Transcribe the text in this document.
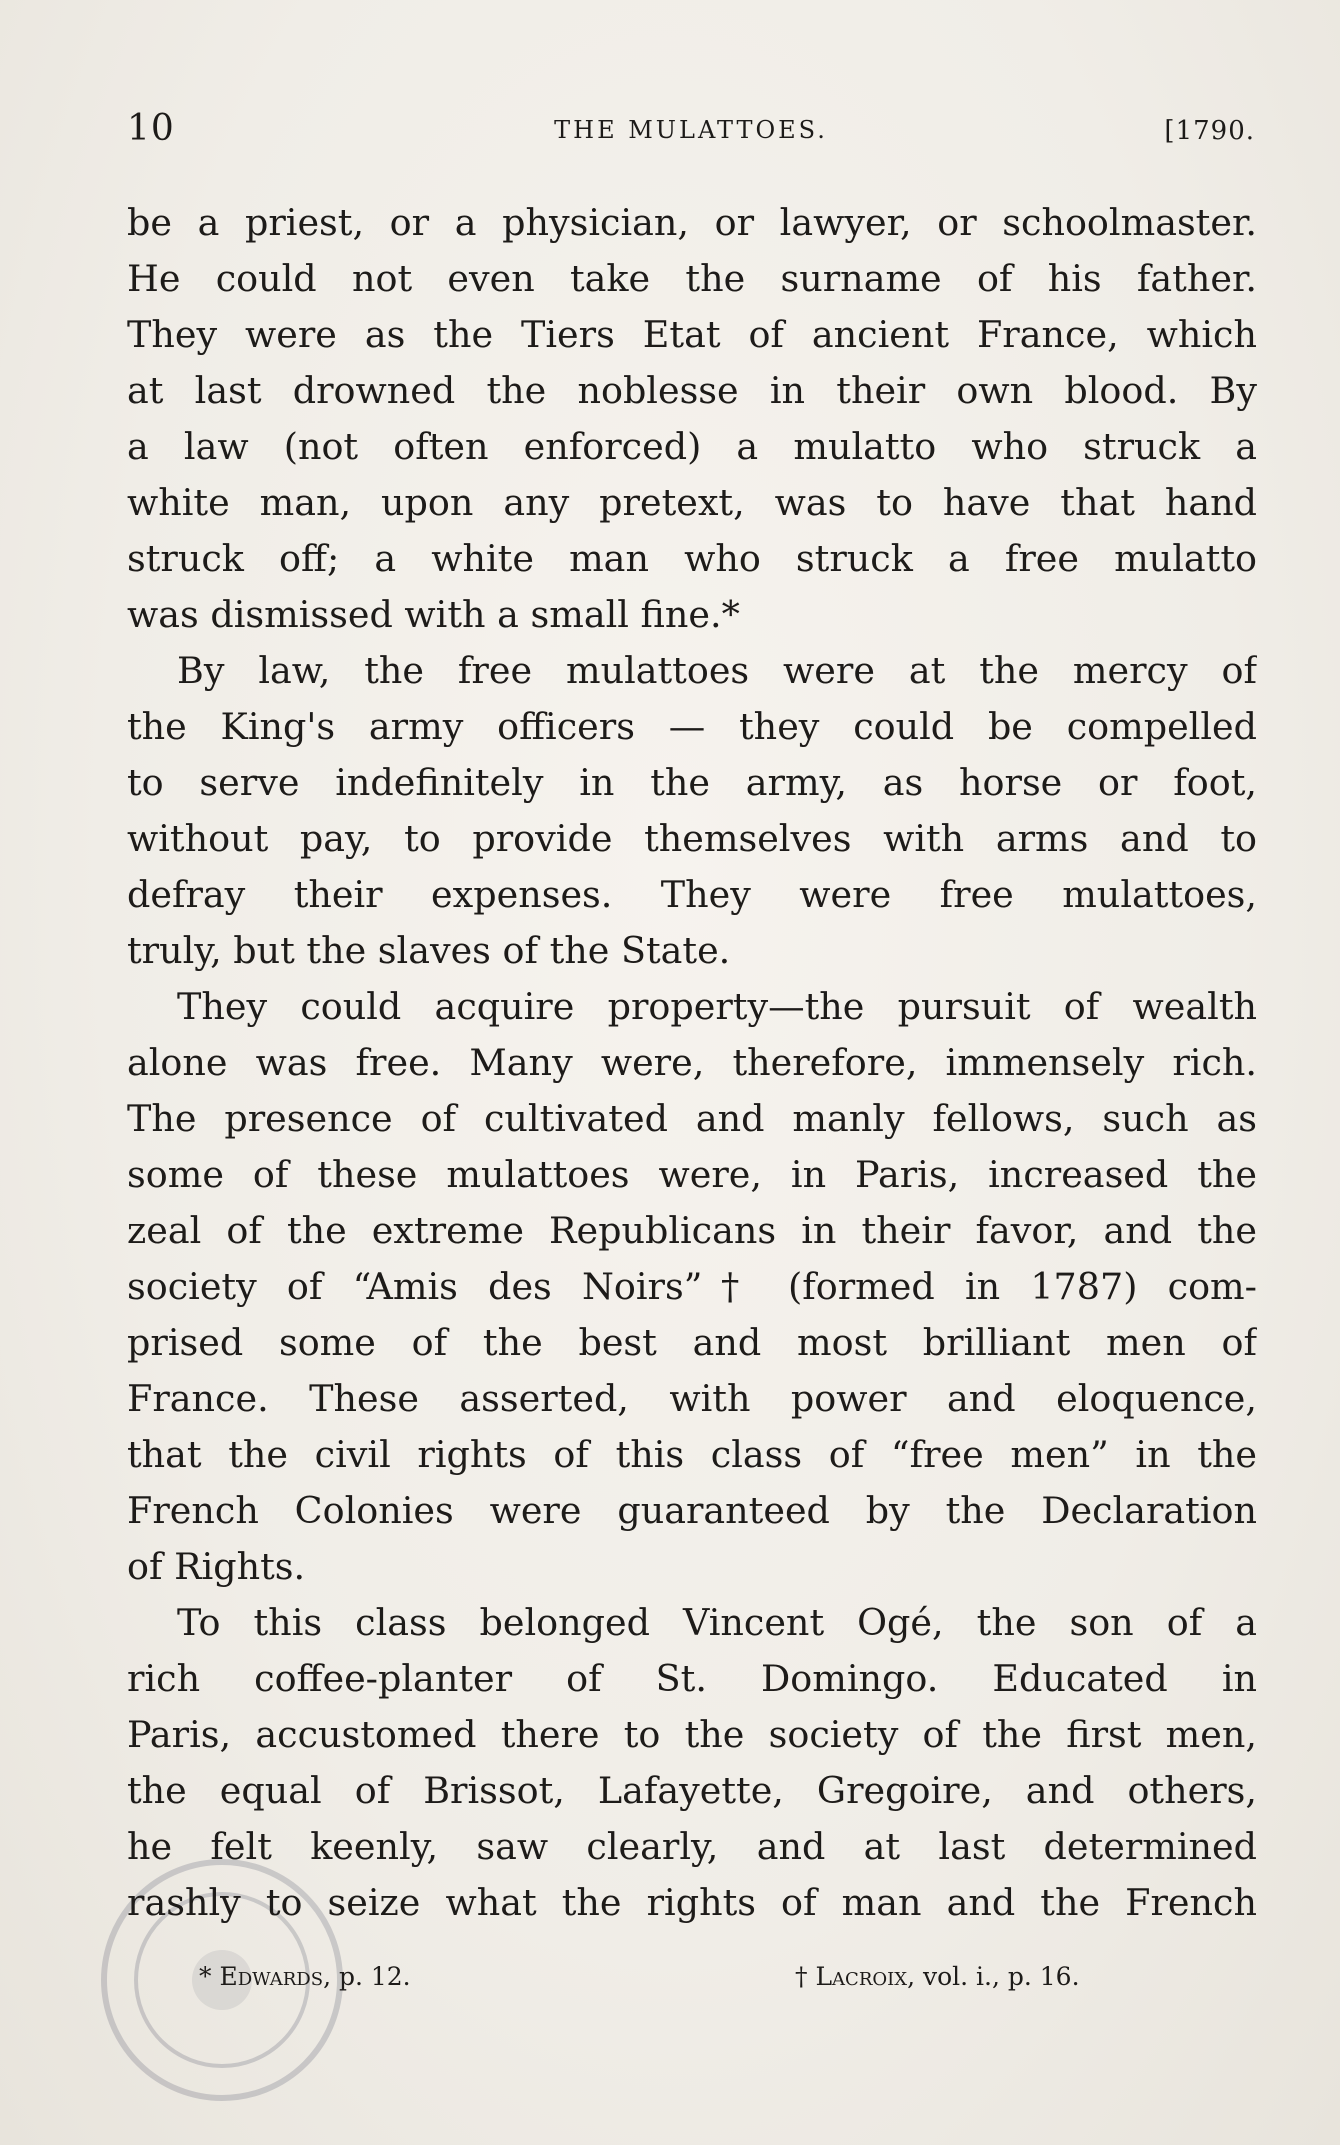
10	THE MULATTOES.	[1790.
be a priest, or a physician, or lawyer, or schoolmaster.
He could not even take the surname of his father.
They were as the Tiers Etat of ancient France, which
at last drowned the noblesse in their own blood. By
a law (not often enforced) a mulatto who struck a
white man, upon any pretext, was to have that hand
struck off; a white man who struck a free mulatto
was dismissed with a small fine.*
By law, the free mulattoes were at the mercy of
the King's army officers — they could be compelled
to serve indefinitely in the army, as horse or foot,
without pay, to provide themselves with arms and to
defray their expenses. They were free mulattoes,
truly, but the slaves of the State.
They could acquire property—the pursuit of wealth
alone was free. Many were, therefore, immensely rich.
The presence of cultivated and manly fellows, such as
some of these mulattoes were, in Paris, increased the
zeal of the extreme Republicans in their favor, and the
society of “Amis des Noirs”† (formed in 1787) com-
prised some of the best and most brilliant men of
France. These asserted, with power and eloquence,
that the civil rights of this class of “free men” in the
French Colonies were guaranteed by the Declaration
of Rights.
To this class belonged Vincent Ogé, the son of a
rich coffee-planter of St. Domingo. Educated in
Paris, accustomed there to the society of the first men,
the equal of Brissot, Lafayette, Gregoire, and others,
he felt keenly, saw clearly, and at last determined
rashly to seize what the rights of man and the French
* Edwards, p. 12.	† Lacroix, vol. i., p. 16.
